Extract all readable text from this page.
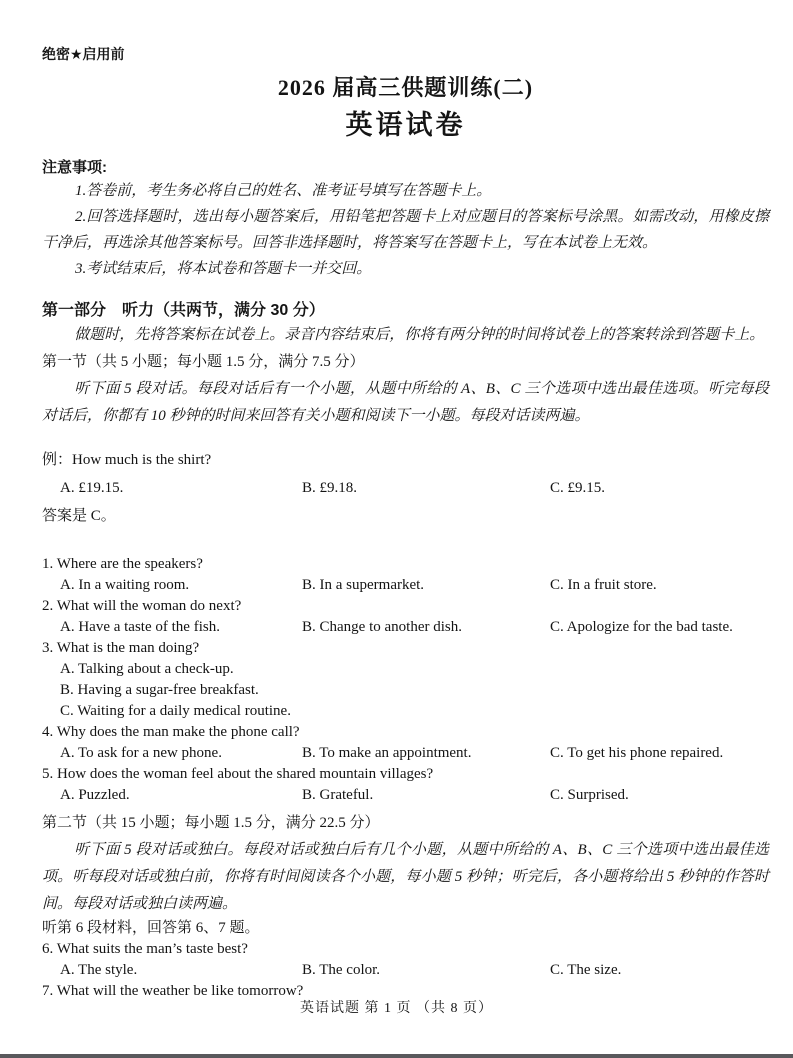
绝密★启用前
2026 届高三供题训练(二)
英语试卷
注意事项:

1.答卷前，考生务必将自己的姓名、准考证号填写在答题卡上。

2.回答选择题时，选出每小题答案后，用铅笔把答题卡上对应题目的答案标号涂黑。如需改动，用橡皮擦干净后，再选涂其他答案标号。回答非选择题时，将答案写在答题卡上，写在本试卷上无效。

3.考试结束后，将本试卷和答题卡一并交回。

第一部分　听力（共两节，满分 30 分）

做题时，先将答案标在试卷上。录音内容结束后，你将有两分钟的时间将试卷上的答案转涂到答题卡上。

第一节（共 5 小题；每小题 1.5 分，满分 7.5 分）

听下面 5 段对话。每段对话后有一个小题，从题中所给的 A、B、C 三个选项中选出最佳选项。听完每段对话后，你都有 10 秒钟的时间来回答有关小题和阅读下一小题。每段对话读两遍。

例：How much is the shirt?
A. £19.15.	B. £9.18.	C. £9.15.
答案是 C。
1. Where are the speakers?
A. In a waiting room.	B. In a supermarket.	C. In a fruit store.
2. What will the woman do next?
A. Have a taste of the fish.	B. Change to another dish.	C. Apologize for the bad taste.
3. What is the man doing?
A. Talking about a check-up.
B. Having a sugar-free breakfast.
C. Waiting for a daily medical routine.
4. Why does the man make the phone call?
A. To ask for a new phone.	B. To make an appointment.	C. To get his phone repaired.
5. How does the woman feel about the shared mountain villages?
A. Puzzled.	B. Grateful.	C. Surprised.

第二节（共 15 小题；每小题 1.5 分，满分 22.5 分）

听下面 5 段对话或独白。每段对话或独白后有几个小题，从题中所给的 A、B、C 三个选项中选出最佳选项。听每段对话或独白前，你将有时间阅读各个小题，每小题 5 秒钟；听完后，各小题将给出 5 秒钟的作答时间。每段对话或独白读两遍。

听第 6 段材料，回答第 6、7 题。
6. What suits the man’s taste best?
A. The style.	B. The color.	C. The size.
7. What will the weather be like tomorrow?
英语试题 第 1 页 （共 8 页）
